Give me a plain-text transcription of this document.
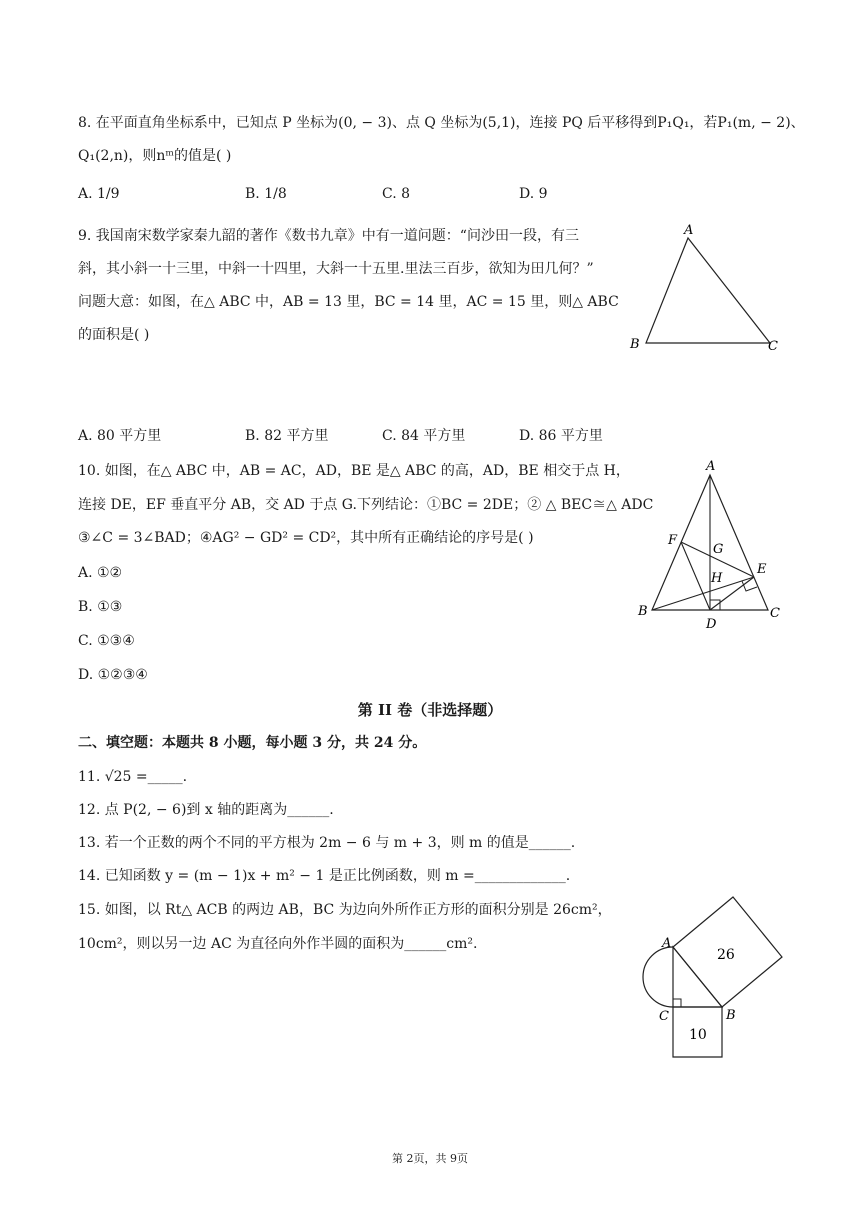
8. 在平面直角坐标系中，已知点 P 坐标为(0, − 3)、点 Q 坐标为(5,1)，连接 PQ 后平移得到P₁Q₁，若P₁(m, − 2)、
Q₁(2,n)，则nᵐ的值是( )
A. 1/9	B. 1/8	C. 8	D. 9
9. 我国南宋数学家秦九韶的著作《数书九章》中有一道问题：“问沙田一段，有三
斜，其小斜一十三里，中斜一十四里，大斜一十五里.里法三百步，欲知为田几何？”
问题大意：如图，在△ ABC 中，AB = 13 里，BC = 14 里，AC = 15 里，则△ ABC
的面积是( )
A
B	C
A. 80 平方里	B. 82 平方里	C. 84 平方里	D. 86 平方里
10. 如图，在△ ABC 中，AB = AC，AD，BE 是△ ABC 的高，AD，BE 相交于点 H，
连接 DE，EF 垂直平分 AB，交 AD 于点 G.下列结论：①BC = 2DE；② △ BEC≅△ ADC
③∠C = 3∠BAD；④AG² − GD² = CD²，其中所有正确结论的序号是( )
A. ①②
B. ①③
C. ①③④
D. ①②③④
A
B	C
D
E
F
G
H
第 II 卷（非选择题）
二、填空题：本题共 8 小题，每小题 3 分，共 24 分。
11. √25 =_____.
12. 点 P(2, − 6)到 x 轴的距离为______.
13. 若一个正数的两个不同的平方根为 2m − 6 与 m + 3，则 m 的值是______.
14. 已知函数 y = (m − 1)x + m² − 1 是正比例函数，则 m =_____________.
15. 如图，以 Rt△ ACB 的两边 AB，BC 为边向外所作正方形的面积分别是 26cm²，
10cm²，则以另一边 AC 为直径向外作半圆的面积为______cm².	A
C	B
26
10
第 2页，共 9页
